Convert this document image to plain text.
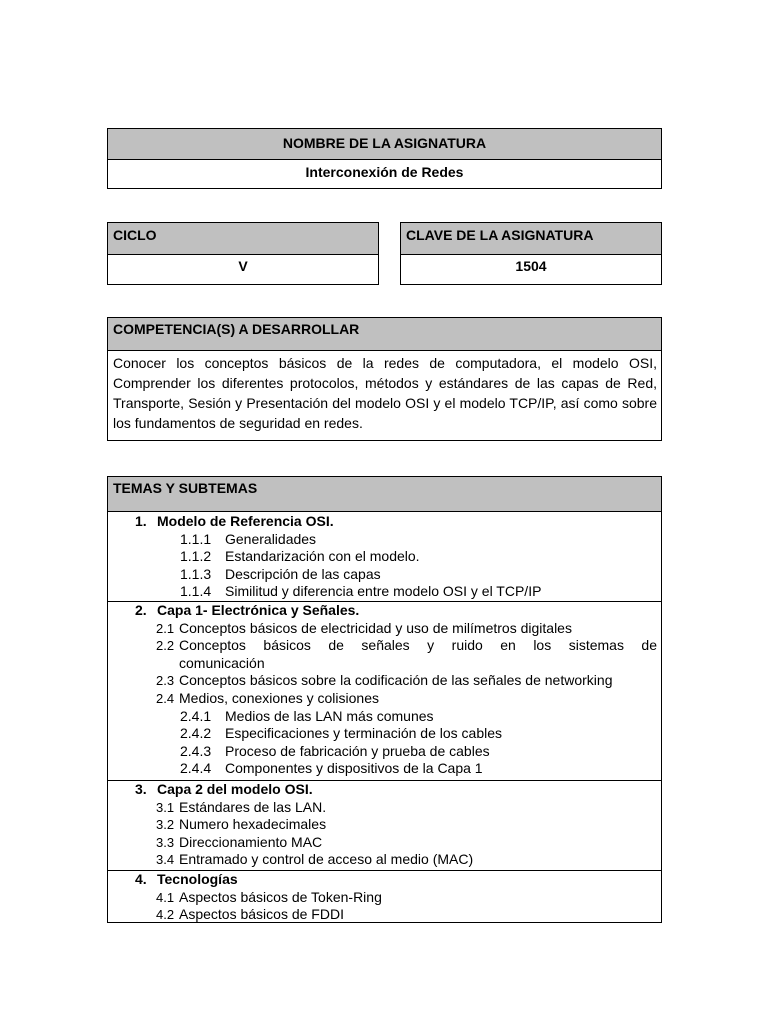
NOMBRE DE LA ASIGNATURA
Interconexión de Redes
CICLO
V
CLAVE DE LA ASIGNATURA
1504
COMPETENCIA(S) A DESARROLLAR
Conocer los conceptos básicos de la redes de computadora, el modelo OSI, Comprender los diferentes protocolos, métodos y estándares de las capas de Red, Transporte, Sesión y Presentación del modelo OSI y el modelo TCP/IP, así como sobre los fundamentos de seguridad en redes.
TEMAS Y SUBTEMAS
1. Modelo de Referencia OSI.
1.1.1 Generalidades
1.1.2 Estandarización con el modelo.
1.1.3 Descripción de las capas
1.1.4 Similitud y diferencia entre modelo OSI y el TCP/IP
2. Capa 1- Electrónica y Señales.
2.1 Conceptos básicos de electricidad y uso de milímetros digitales
2.2 Conceptos básicos de señales y ruido en los sistemas de
comunicación
2.3 Conceptos básicos sobre la codificación de las señales de networking
2.4 Medios, conexiones y colisiones
2.4.1 Medios de las LAN más comunes
2.4.2 Especificaciones y terminación de los cables
2.4.3 Proceso de fabricación y prueba de cables
2.4.4 Componentes y dispositivos de la Capa 1
3. Capa 2 del modelo OSI.
3.1 Estándares de las LAN.
3.2 Numero hexadecimales
3.3 Direccionamiento MAC
3.4 Entramado y control de acceso al medio (MAC)
4. Tecnologías
4.1 Aspectos básicos de Token-Ring
4.2 Aspectos básicos de FDDI
